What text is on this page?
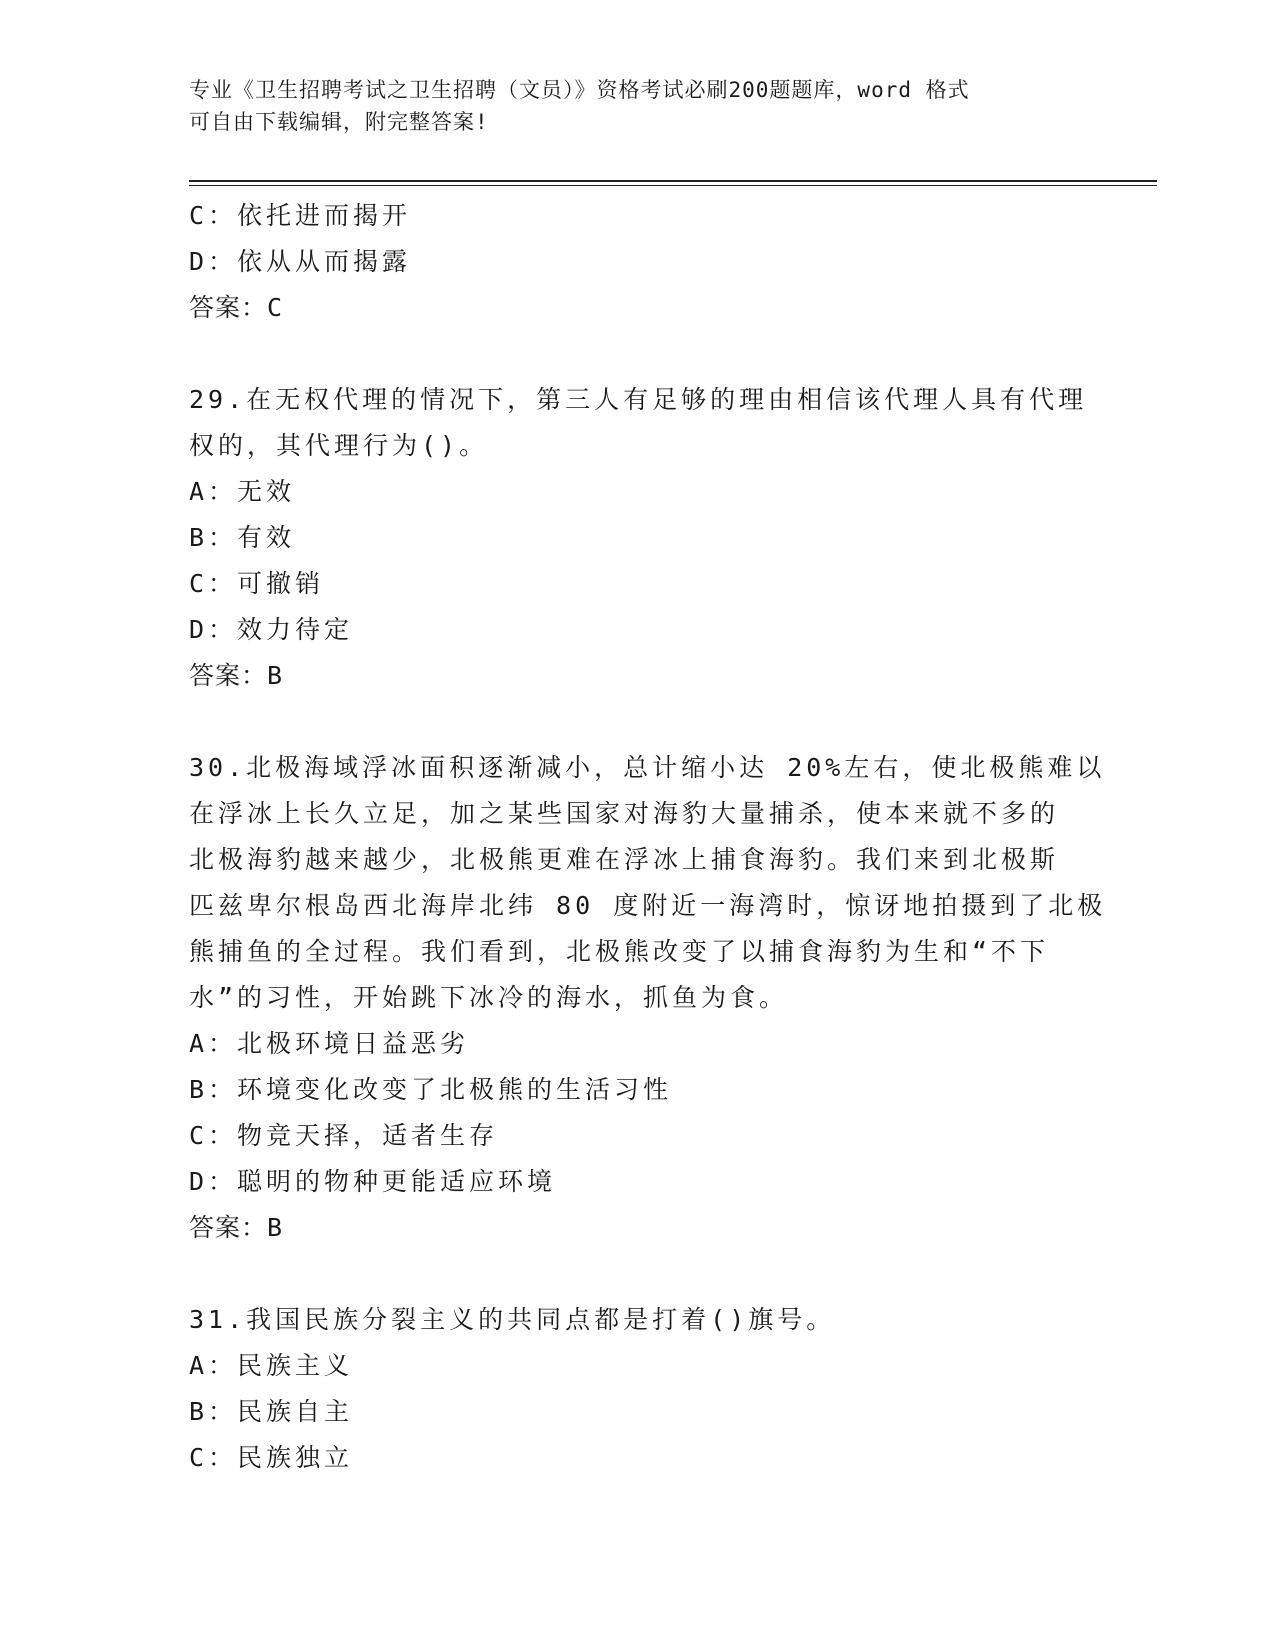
专业《卫生招聘考试之卫生招聘（文员）》资格考试必刷200题题库，word 格式
可自由下载编辑，附完整答案!
C：依托进而揭开
D：依从从而揭露
答案：C
29.在无权代理的情况下，第三人有足够的理由相信该代理人具有代理
权的，其代理行为()。
A：无效
B：有效
C：可撤销
D：效力待定
答案：B
30.北极海域浮冰面积逐渐减小，总计缩小达 20%左右，使北极熊难以
在浮冰上长久立足，加之某些国家对海豹大量捕杀，使本来就不多的
北极海豹越来越少，北极熊更难在浮冰上捕食海豹。我们来到北极斯
匹兹卑尔根岛西北海岸北纬 80 度附近一海湾时，惊讶地拍摄到了北极
熊捕鱼的全过程。我们看到，北极熊改变了以捕食海豹为生和“不下
水”的习性，开始跳下冰冷的海水，抓鱼为食。
A：北极环境日益恶劣
B：环境变化改变了北极熊的生活习性
C：物竞天择，适者生存
D：聪明的物种更能适应环境
答案：B
31.我国民族分裂主义的共同点都是打着()旗号。
A：民族主义
B：民族自主
C：民族独立
